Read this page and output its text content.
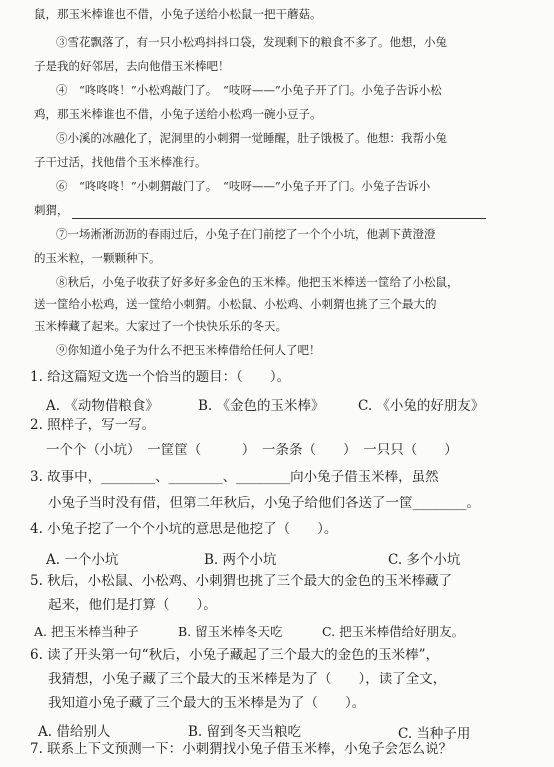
鼠，那玉米棒谁也不借，小兔子送给小松鼠一把干蘑菇。
③雪花飘落了，有一只小松鸡抖抖口袋，发现剩下的粮食不多了。他想，小兔
子是我的好邻居，去向他借玉米棒吧！
④　“咚咚咚！”小松鸡敲门了。　“吱呀——”小兔子开了门。小兔子告诉小松
鸡，那玉米棒谁也不借，小兔子送给小松鸡一碗小豆子。
⑤小溪的冰融化了，泥洞里的小刺猬一觉睡醒，肚子饿极了。他想：我帮小兔
子干过活，找他借个玉米棒准行。
⑥　“咚咚咚！”小刺猬敲门了。　“吱呀——”小兔子开了门。小兔子告诉小
刺猬，
⑦一场淅淅沥沥的春雨过后，小兔子在门前挖了一个个小坑，他剥下黄澄澄
的玉米粒，一颗颗种下。
⑧秋后，小兔子收获了好多好多金色的玉米棒。他把玉米棒送一筐给了小松鼠，
送一筐给小松鸡，送一筐给小刺猬。小松鼠、小松鸡、小刺猬也挑了三个最大的
玉米棒藏了起来。大家过了一个快快乐乐的冬天。
⑨你知道小兔子为什么不把玉米棒借给任何人了吧！
1. 给这篇短文选一个恰当的题目：（　　）。
A. 《动物借粮食》	B. 《金色的玉米棒》 C. 《小兔的好朋友》
2. 照样子，写一写。
一个个（小坑）　一筐筐（　　　）　一条条（　　）　一只只（　　）
3. 故事中，________、________、________向小兔子借玉米棒，虽然
小兔子当时没有借，但第二年秋后，小兔子给他们各送了一筐________。
4. 小兔子挖了一个个小坑的意思是他挖了（　　）。
A. 一个小坑	B. 两个小坑	C. 多个小坑
5. 秋后，小松鼠、小松鸡、小刺猬也挑了三个最大的金色的玉米棒藏了
起来，他们是打算（　　）。
A. 把玉米棒当种子	B. 留玉米棒冬天吃	C. 把玉米棒借给好朋友。
6. 读了开头第一句“秋后，小兔子藏起了三个最大的金色的玉米棒”，
我猜想，小兔子藏了三个最大的玉米棒是为了（　　），读了全文，
我知道小兔子藏了三个最大的玉米棒是为了（　　）。
A. 借给别人	B. 留到冬天当粮吃	C. 当种子用
7. 联系上下文预测一下：小刺猬找小兔子借玉米棒，小兔子会怎么说？
